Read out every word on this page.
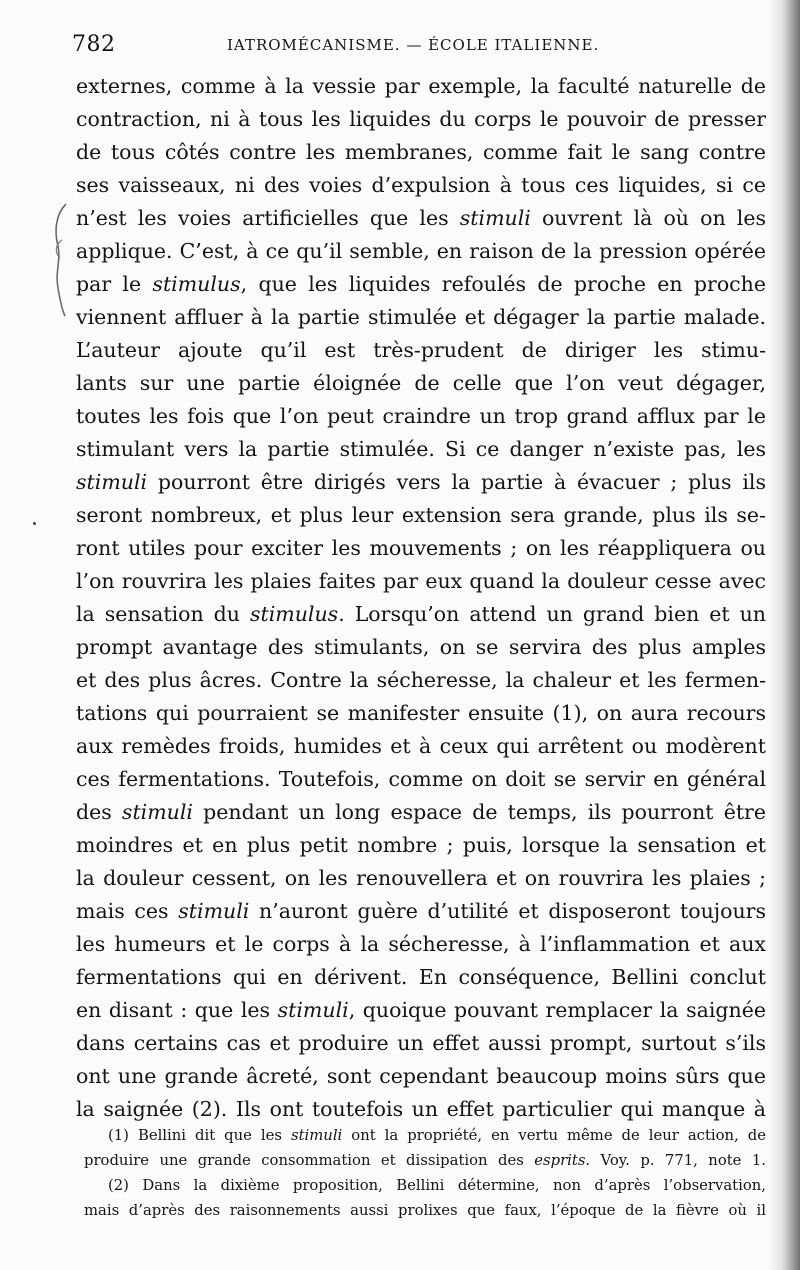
782	IATROMÉCANISME. — ÉCOLE ITALIENNE.
externes, comme à la vessie par exemple, la faculté naturelle de
contraction, ni à tous les liquides du corps le pouvoir de presser
de tous côtés contre les membranes, comme fait le sang contre
ses vaisseaux, ni des voies d’expulsion à tous ces liquides, si ce
n’est les voies artificielles que les stimuli ouvrent là où on les
applique. C’est, à ce qu’il semble, en raison de la pression opérée
par le stimulus, que les liquides refoulés de proche en proche
viennent affluer à la partie stimulée et dégager la partie malade.
L’auteur ajoute qu’il est très-prudent de diriger les stimu-
lants sur une partie éloignée de celle que l’on veut dégager,
toutes les fois que l’on peut craindre un trop grand afflux par le
stimulant vers la partie stimulée. Si ce danger n’existe pas, les
stimuli pourront être dirigés vers la partie à évacuer ; plus ils
seront nombreux, et plus leur extension sera grande, plus ils se-
ront utiles pour exciter les mouvements ; on les réappliquera ou
l’on rouvrira les plaies faites par eux quand la douleur cesse avec
la sensation du stimulus. Lorsqu’on attend un grand bien et un
prompt avantage des stimulants, on se servira des plus amples
et des plus âcres. Contre la sécheresse, la chaleur et les fermen-
tations qui pourraient se manifester ensuite (1), on aura recours
aux remèdes froids, humides et à ceux qui arrêtent ou modèrent
ces fermentations. Toutefois, comme on doit se servir en général
des stimuli pendant un long espace de temps, ils pourront être
moindres et en plus petit nombre ; puis, lorsque la sensation et
la douleur cessent, on les renouvellera et on rouvrira les plaies ;
mais ces stimuli n’auront guère d’utilité et disposeront toujours
les humeurs et le corps à la sécheresse, à l’inflammation et aux
fermentations qui en dérivent. En conséquence, Bellini conclut
en disant : que les stimuli, quoique pouvant remplacer la saignée
dans certains cas et produire un effet aussi prompt, surtout s’ils
ont une grande âcreté, sont cependant beaucoup moins sûrs que
la saignée (2). Ils ont toutefois un effet particulier qui manque à
(1) Bellini dit que les stimuli ont la propriété, en vertu même de leur action, de
produire une grande consommation et dissipation des esprits. Voy. p. 771, note 1.
(2) Dans la dixième proposition, Bellini détermine, non d’après l’observation,
mais d’après des raisonnements aussi prolixes que faux, l’époque de la fièvre où il
